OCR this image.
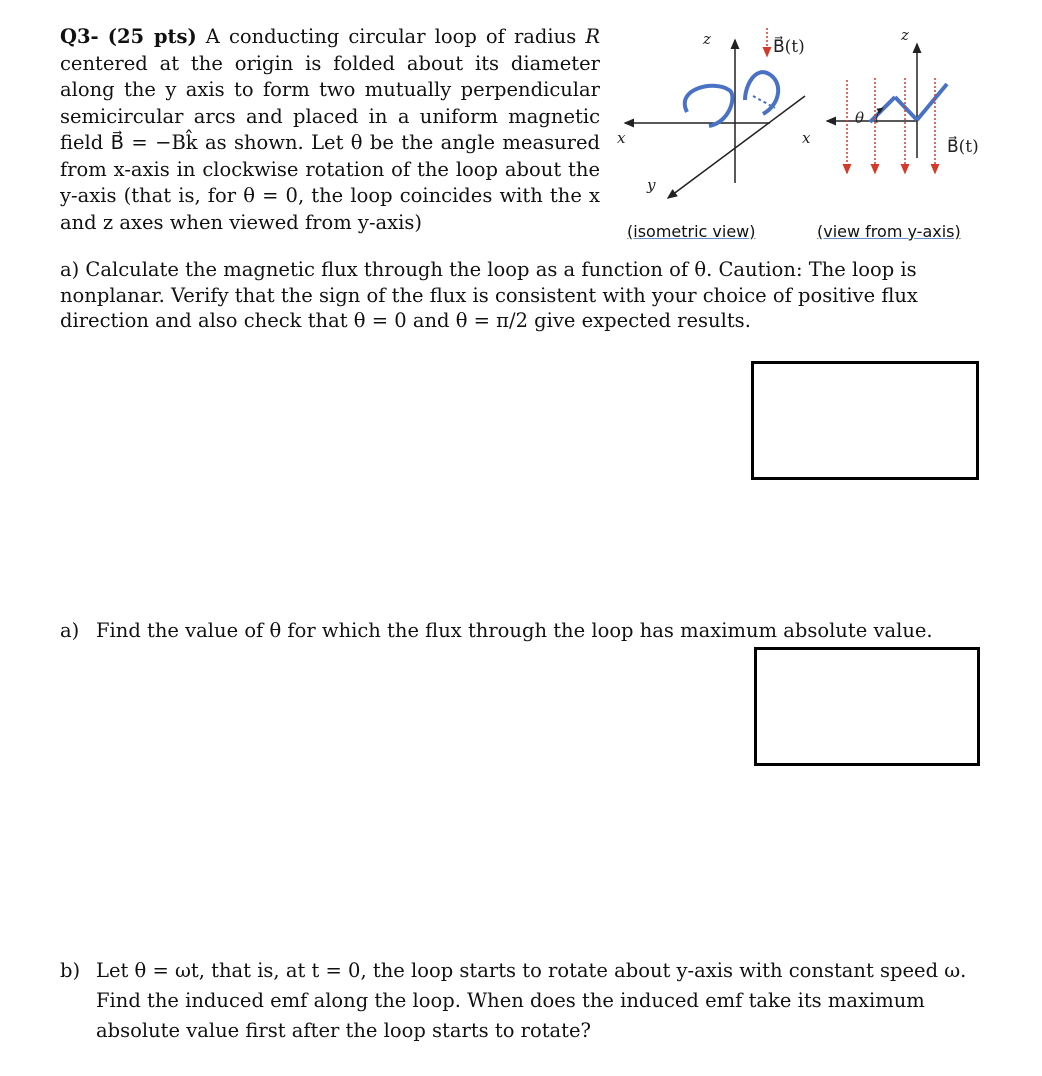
Q3- (25 pts) A conducting circular loop of radius R centered at the origin is folded about its diameter along the y axis to form two mutually perpendicular semicircular arcs and placed in a uniform magnetic field B⃗ = −Bk̂ as shown. Let θ be the angle measured from x-axis in clockwise rotation of the loop about the y-axis (that is, for θ = 0, the loop coincides with the x and z axes when viewed from y-axis)
z
x
y
B⃗(t)
z
x
θ
B⃗(t)
(isometric view)	(view from y-axis)
a) Calculate the magnetic flux through the loop as a function of θ. Caution: The loop is nonplanar. Verify that the sign of the flux is consistent with your choice of positive flux direction and also check that θ = 0 and θ = π/2 give expected results.
a) Find the value of θ for which the flux through the loop has maximum absolute value.
b) Let θ = ωt, that is, at t = 0, the loop starts to rotate about y-axis with constant speed ω. Find the induced emf along the loop. When does the induced emf take its maximum absolute value first after the loop starts to rotate?
